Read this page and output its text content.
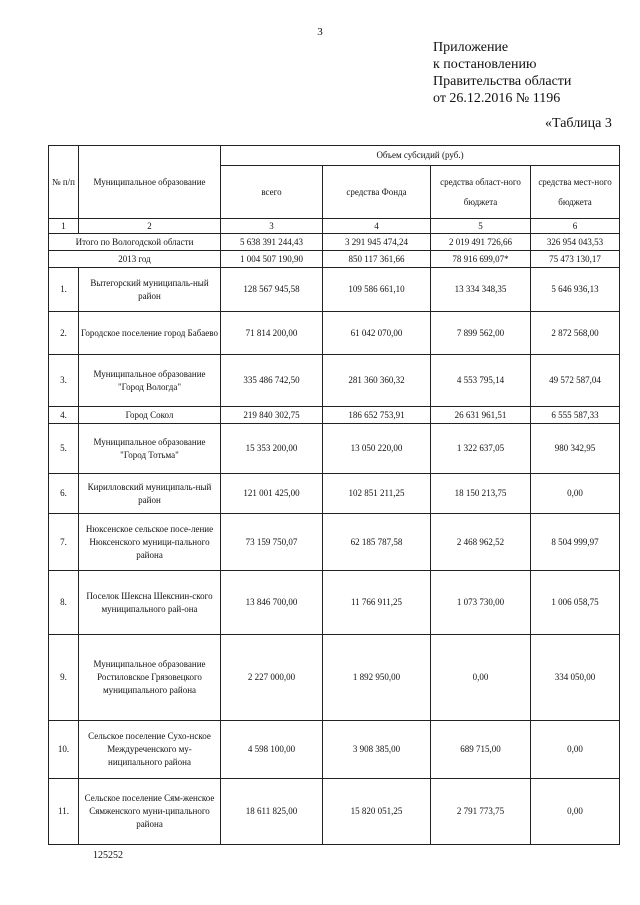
3
Приложение
к постановлению
Правительства области
от 26.12.2016 № 1196
«Таблица 3
№ п/п	Муниципальное образование	Объем субсидий (руб.)			
		всего	средства Фонда	средства област-ного бюджета	средства мест-ного бюджета
1	2	3	4	5	6
Итого по Вологодской области		5 638 391 244,43	3 291 945 474,24	2 019 491 726,66	326 954 043,53
2013 год		1 004 507 190,90	850 117 361,66	78 916 699,07*	75 473 130,17
1.	Вытегорский муниципаль-ный район	128 567 945,58	109 586 661,10	13 334 348,35	5 646 936,13
2.	Городское поселение город Бабаево	71 814 200,00	61 042 070,00	7 899 562,00	2 872 568,00
3.	Муниципальное образование "Город Вологда"	335 486 742,50	281 360 360,32	4 553 795,14	49 572 587,04
4.	Город Сокол	219 840 302,75	186 652 753,91	26 631 961,51	6 555 587,33
5.	Муниципальное образование "Город Тотьма"	15 353 200,00	13 050 220,00	1 322 637,05	980 342,95
6.	Кирилловский муниципаль-ный район	121 001 425,00	102 851 211,25	18 150 213,75	0,00
7.	Нюксенское сельское посе-ление Нюксенского муници-пального района	73 159 750,07	62 185 787,58	2 468 962,52	8 504 999,97
8.	Поселок Шексна Шекснин-ского муниципального рай-она	13 846 700,00	11 766 911,25	1 073 730,00	1 006 058,75
9.	Муниципальное образование Ростиловское Грязовецкого муниципального района	2 227 000,00	1 892 950,00	0,00	334 050,00
10.	Сельское поселение Сухо-нское Междуреченского му-ниципального района	4 598 100,00	3 908 385,00	689 715,00	0,00
11.	Сельское поселение Сям-женское Сямженского муни-ципального района	18 611 825,00	15 820 051,25	2 791 773,75	0,00
125252
